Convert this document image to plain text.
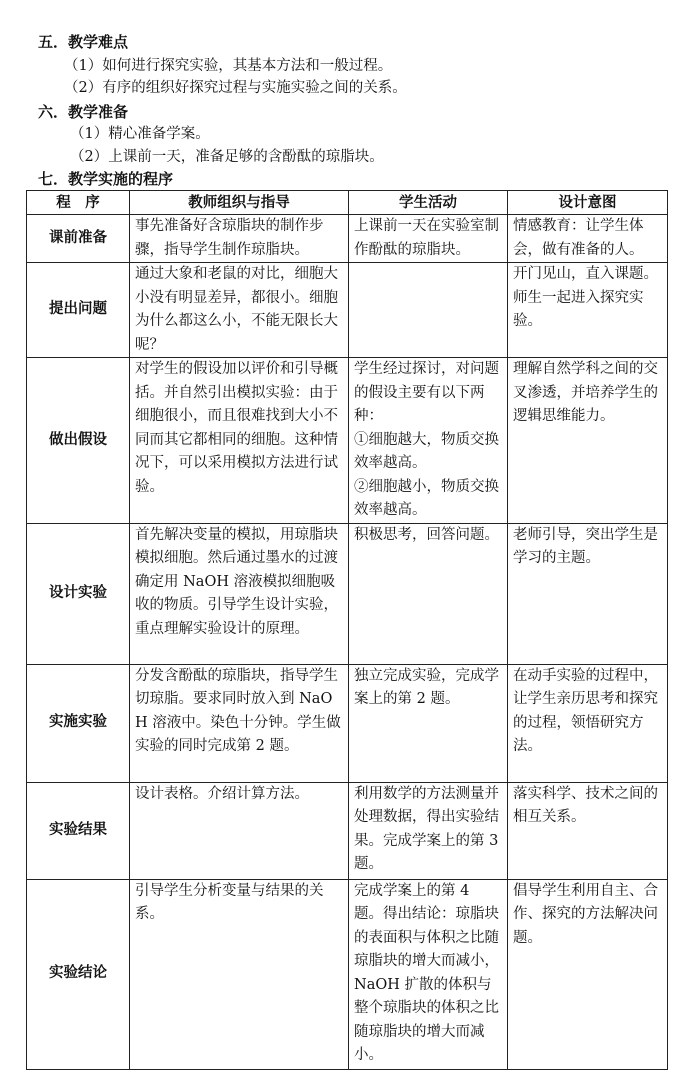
五．教学难点

（1）如何进行探究实验，其基本方法和一般过程。

（2）有序的组织好探究过程与实施实验之间的关系。

六．教学准备

（1）精心准备学案。

（2）上课前一天，准备足够的含酚酞的琼脂块。

七．教学实施的程序
程　序	教师组织与指导	学生活动	设计意图
课前准备	事先准备好含琼脂块的制作步骤，指导学生制作琼脂块。	上课前一天在实验室制作酚酞的琼脂块。	情感教育：让学生体会，做有准备的人。
提出问题	通过大象和老鼠的对比，细胞大小没有明显差异，都很小。细胞为什么都这么小，不能无限长大呢？		开门见山，直入课题。师生一起进入探究实验。
做出假设	对学生的假设加以评价和引导概括。并自然引出模拟实验：由于细胞很小，而且很难找到大小不同而其它都相同的细胞。这种情况下，可以采用模拟方法进行试验。	学生经过探讨，对问题的假设主要有以下两种：
①细胞越大，物质交换效率越高。
②细胞越小，物质交换效率越高。	理解自然学科之间的交叉渗透，并培养学生的逻辑思维能力。
设计实验	首先解决变量的模拟，用琼脂块模拟细胞。然后通过墨水的过渡确定用 NaOH 溶液模拟细胞吸收的物质。引导学生设计实验，重点理解实验设计的原理。	积极思考，回答问题。	老师引导，突出学生是学习的主题。
实施实验	分发含酚酞的琼脂块，指导学生切琼脂。要求同时放入到 NaOH 溶液中。染色十分钟。学生做实验的同时完成第 2 题。	独立完成实验，完成学案上的第 2 题。	在动手实验的过程中，让学生亲历思考和探究的过程，领悟研究方法。
实验结果	设计表格。介绍计算方法。	利用数学的方法测量并处理数据，得出实验结果。完成学案上的第 3 题。	落实科学、技术之间的相互关系。
实验结论	引导学生分析变量与结果的关系。	完成学案上的第 4 题。得出结论：琼脂块的表面积与体积之比随琼脂块的增大而减小，NaOH 扩散的体积与整个琼脂块的体积之比随琼脂块的增大而减小。	倡导学生利用自主、合作、探究的方法解决问题。
